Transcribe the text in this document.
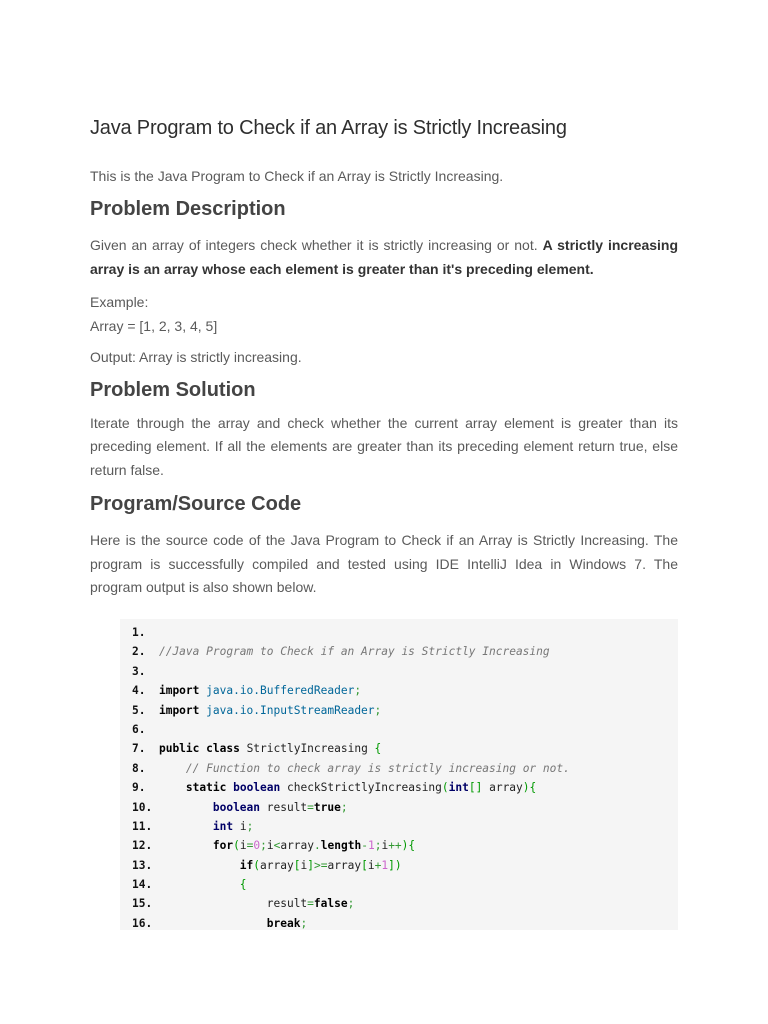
Java Program to Check if an Array is Strictly Increasing

This is the Java Program to Check if an Array is Strictly Increasing.

Problem Description

Given an array of integers check whether it is strictly increasing or not. A strictly increasing array is an array whose each element is greater than it's preceding element.

Example:
Array = [1, 2, 3, 4, 5]

Output: Array is strictly increasing.

Problem Solution

Iterate through the array and check whether the current array element is greater than its preceding element. If all the elements are greater than its preceding element return true, else return false.

Program/Source Code

Here is the source code of the Java Program to Check if an Array is Strictly Increasing. The program is successfully compiled and tested using IDE IntelliJ Idea in Windows 7. The program output is also shown below.

1.
2. //Java Program to Check if an Array is Strictly Increasing
3.
4. import java.io.BufferedReader;
5. import java.io.InputStreamReader;
6.
7. public class StrictlyIncreasing {
8.	// Function to check array is strictly increasing or not.
9.	static boolean checkStrictlyIncreasing(int[] array){
10.	boolean result=true;
11.	int i;
12.	for(i=0;i<array.length-1;i++){
13.	if(array[i]>=array[i+1])
14.	{
15.	result=false;
16.	break;
